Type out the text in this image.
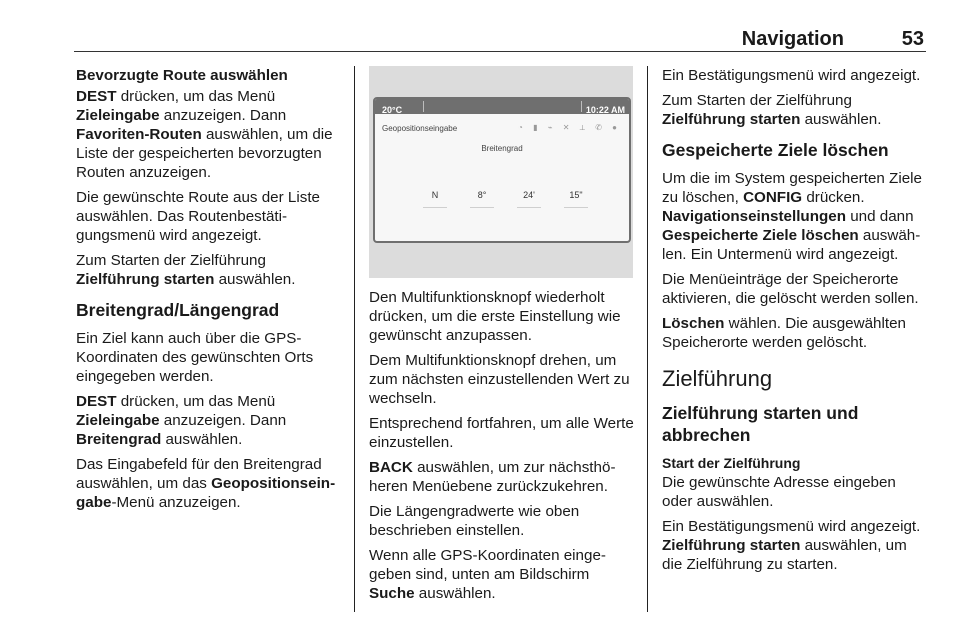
Navigation	53
Bevorzugte Route auswählen

DEST drücken, um das Menü Zieleingabe anzuzeigen. Dann Favoriten-Routen auswählen, um die Liste der gespeicherten bevorzugten Routen anzuzeigen.

Die gewünschte Route aus der Liste auswählen. Das Routenbestätigungsmenü wird angezeigt.

Zum Starten der Zielführung Zielführung starten auswählen.

Breitengrad/Längengrad

Ein Ziel kann auch über die GPS-Koordinaten des gewünschten Orts eingegeben werden.

DEST drücken, um das Menü Zieleingabe anzuzeigen. Dann Breitengrad auswählen.

Das Eingabefeld für den Breitengrad auswählen, um das Geopositionseingabe-Menü anzuzeigen.

20°C	10:22 AM
Geopositionseingabe	◔ ▮ ⌁ ✕ ⟂ ✆ ●
Breitengrad
N	8°	24'	15"

Den Multifunktionsknopf wiederholt drücken, um die erste Einstellung wie gewünscht anzupassen.

Dem Multifunktionsknopf drehen, um zum nächsten einzustellenden Wert zu wechseln.

Entsprechend fortfahren, um alle Werte einzustellen.

BACK auswählen, um zur nächsthöheren Menüebene zurückzukehren.

Die Längengradwerte wie oben beschrieben einstellen.

Wenn alle GPS-Koordinaten eingegeben sind, unten am Bildschirm Suche auswählen.

Ein Bestätigungsmenü wird angezeigt.

Zum Starten der Zielführung Zielführung starten auswählen.

Gespeicherte Ziele löschen

Um die im System gespeicherten Ziele zu löschen, CONFIG drücken. Navigationseinstellungen und dann Gespeicherte Ziele löschen auswählen. Ein Untermenü wird angezeigt.

Die Menüeinträge der Speicherorte aktivieren, die gelöscht werden sollen.

Löschen wählen. Die ausgewählten Speicherorte werden gelöscht.

Zielführung
Zielführung starten und abbrechen
Start der Zielführung

Die gewünschte Adresse eingeben oder auswählen.

Ein Bestätigungsmenü wird angezeigt. Zielführung starten auswählen, um die Zielführung zu starten.
